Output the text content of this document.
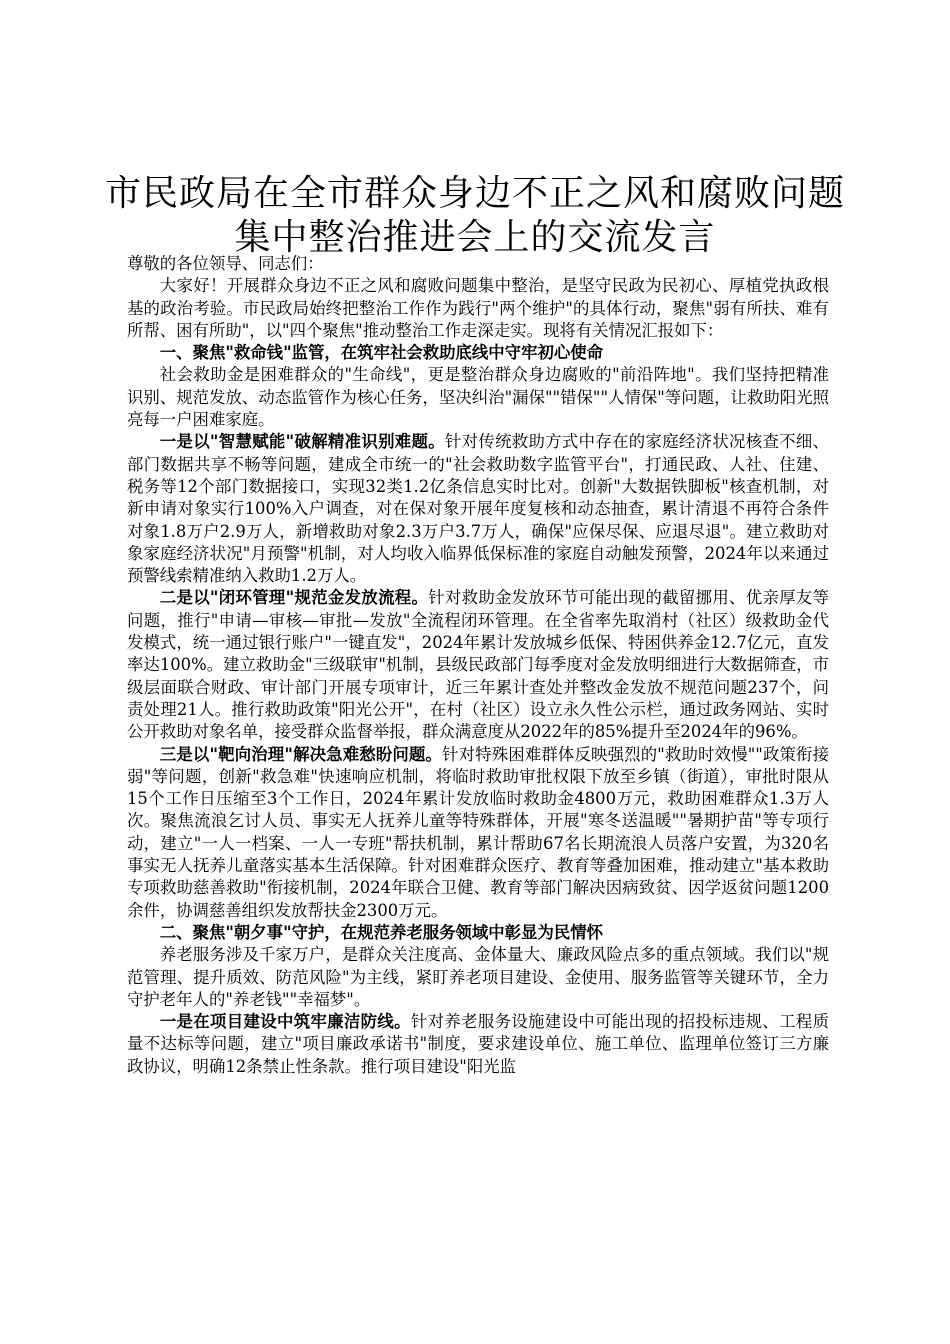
市民政局在全市群众身边不正之风和腐败问题
集中整治推进会上的交流发言

尊敬的各位领导、同志们：

大家好！开展群众身边不正之风和腐败问题集中整治，是坚守民政为民初心、厚植党执政根基的政治考验。市民政局始终把整治工作作为践行"两个维护"的具体行动，聚焦"弱有所扶、难有所帮、困有所助"，以"四个聚焦"推动整治工作走深走实。现将有关情况汇报如下：

一、聚焦"救命钱"监管，在筑牢社会救助底线中守牢初心使命

社会救助金是困难群众的"生命线"，更是整治群众身边腐败的"前沿阵地"。我们坚持把精准识别、规范发放、动态监管作为核心任务，坚决纠治"漏保""错保""人情保"等问题，让救助阳光照亮每一户困难家庭。

一是以"智慧赋能"破解精准识别难题。针对传统救助方式中存在的家庭经济状况核查不细、部门数据共享不畅等问题，建成全市统一的"社会救助数字监管平台"，打通民政、人社、住建、税务等12个部门数据接口，实现32类1.2亿条信息实时比对。创新"大数据铁脚板"核查机制，对新申请对象实行100%入户调查，对在保对象开展年度复核和动态抽查，累计清退不再符合条件对象1.8万户2.9万人，新增救助对象2.3万户3.7万人，确保"应保尽保、应退尽退"。建立救助对象家庭经济状况"月预警"机制，对人均收入临界低保标准的家庭自动触发预警，2024年以来通过预警线索精准纳入救助1.2万人。

二是以"闭环管理"规范金发放流程。针对救助金发放环节可能出现的截留挪用、优亲厚友等问题，推行"申请—审核—审批—发放"全流程闭环管理。在全省率先取消村（社区）级救助金代发模式，统一通过银行账户"一键直发"，2024年累计发放城乡低保、特困供养金12.7亿元，直发率达100%。建立救助金"三级联审"机制，县级民政部门每季度对金发放明细进行大数据筛查，市级层面联合财政、审计部门开展专项审计，近三年累计查处并整改金发放不规范问题237个，问责处理21人。推行救助政策"阳光公开"，在村（社区）设立永久性公示栏，通过政务网站、实时公开救助对象名单，接受群众监督举报，群众满意度从2022年的85%提升至2024年的96%。

三是以"靶向治理"解决急难愁盼问题。针对特殊困难群体反映强烈的"救助时效慢""政策衔接弱"等问题，创新"救急难"快速响应机制，将临时救助审批权限下放至乡镇（街道），审批时限从15个工作日压缩至3个工作日，2024年累计发放临时救助金4800万元，救助困难群众1.3万人次。聚焦流浪乞讨人员、事实无人抚养儿童等特殊群体，开展"寒冬送温暖""暑期护苗"等专项行动，建立"一人一档案、一人一专班"帮扶机制，累计帮助67名长期流浪人员落户安置，为320名事实无人抚养儿童落实基本生活保障。针对困难群众医疗、教育等叠加困难，推动建立"基本救助专项救助慈善救助"衔接机制，2024年联合卫健、教育等部门解决因病致贫、因学返贫问题1200余件，协调慈善组织发放帮扶金2300万元。

二、聚焦"朝夕事"守护，在规范养老服务领域中彰显为民情怀

养老服务涉及千家万户，是群众关注度高、金体量大、廉政风险点多的重点领域。我们以"规范管理、提升质效、防范风险"为主线，紧盯养老项目建设、金使用、服务监管等关键环节，全力守护老年人的"养老钱""幸福梦"。

一是在项目建设中筑牢廉洁防线。针对养老服务设施建设中可能出现的招投标违规、工程质量不达标等问题，建立"项目廉政承诺书"制度，要求建设单位、施工单位、监理单位签订三方廉政协议，明确12条禁止性条款。推行项目建设"阳光监
